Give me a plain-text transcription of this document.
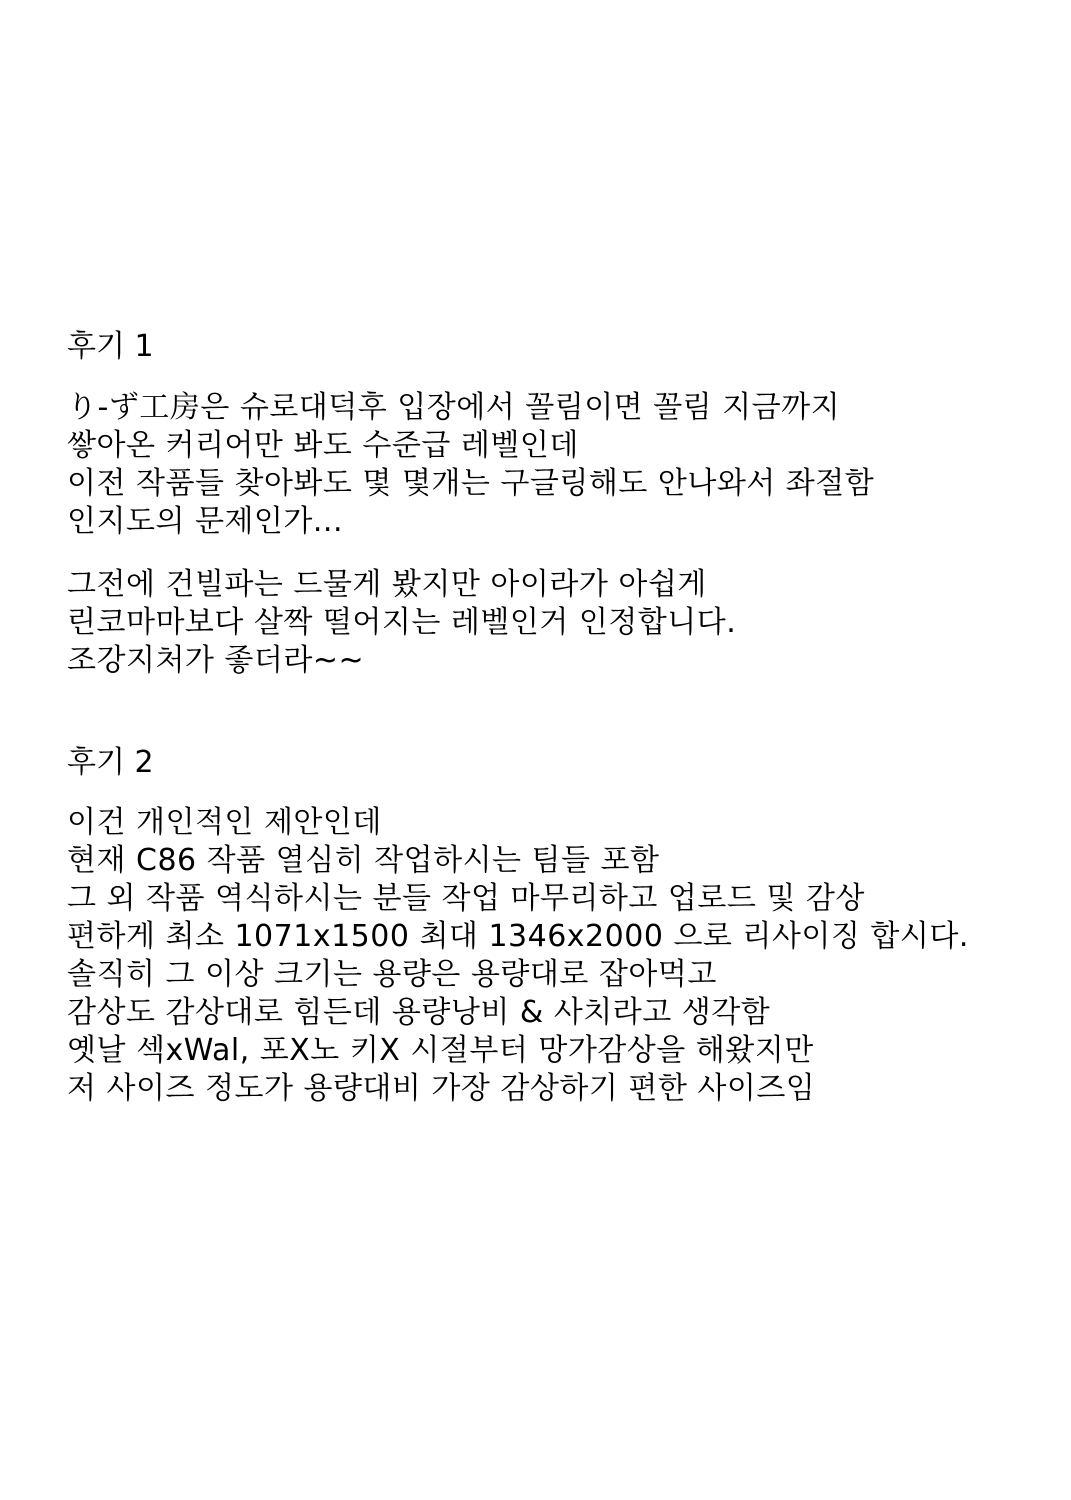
후기 1
り-ず工房은 슈로대덕후 입장에서 꼴림이면 꼴림 지금까지
쌓아온 커리어만 봐도 수준급 레벨인데
이전 작품들 찾아봐도 몇 몇개는 구글링해도 안나와서 좌절함
인지도의 문제인가...
그전에 건빌파는 드물게 봤지만 아이라가 아쉽게
린코마마보다 살짝 떨어지는 레벨인거 인정합니다.
조강지처가 좋더라~~
후기 2
이건 개인적인 제안인데
현재 C86 작품 열심히 작업하시는 팀들 포함
그 외 작품 역식하시는 분들 작업 마무리하고 업로드 및 감상
편하게 최소 1071x1500 최대 1346x2000 으로 리사이징 합시다.
솔직히 그 이상 크기는 용량은 용량대로 잡아먹고
감상도 감상대로 힘든데 용량낭비 & 사치라고 생각함
옛날 섹xWal, 포X노 키X 시절부터 망가감상을 해왔지만
저 사이즈 정도가 용량대비 가장 감상하기 편한 사이즈임
